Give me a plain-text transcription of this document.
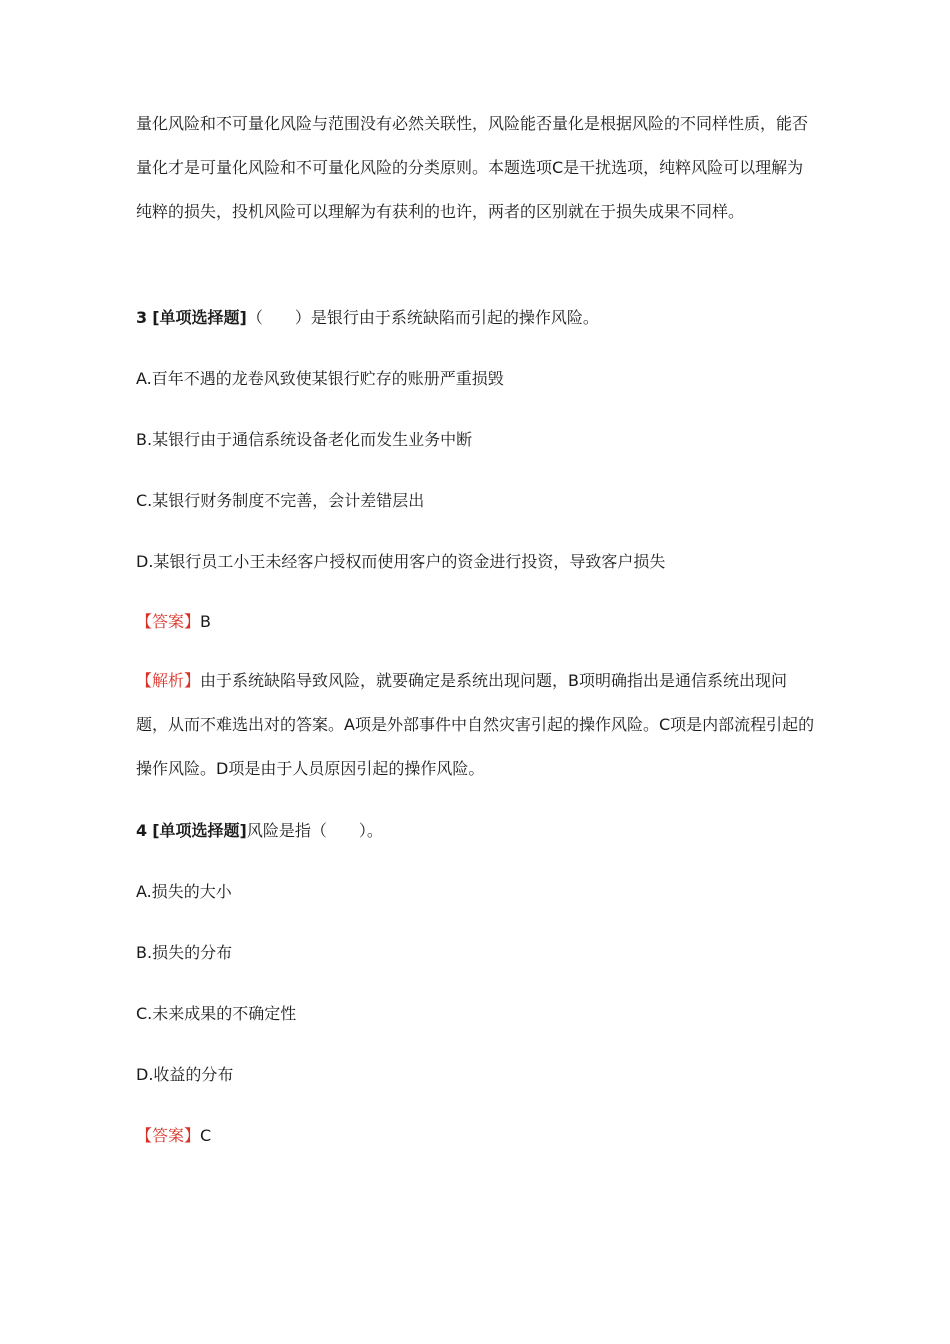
量化风险和不可量化风险与范围没有必然关联性，风险能否量化是根据风险的不同样性质，能否量化才是可量化风险和不可量化风险的分类原则。本题选项C是干扰选项，纯粹风险可以理解为纯粹的损失，投机风险可以理解为有获利的也许，两者的区别就在于损失成果不同样。

3 [单项选择题]（　　）是银行由于系统缺陷而引起的操作风险。

A.百年不遇的龙卷风致使某银行贮存的账册严重损毁

B.某银行由于通信系统设备老化而发生业务中断

C.某银行财务制度不完善，会计差错层出

D.某银行员工小王未经客户授权而使用客户的资金进行投资，导致客户损失

【答案】B

【解析】由于系统缺陷导致风险，就要确定是系统出现问题，B项明确指出是通信系统出现问题，从而不难选出对的答案。A项是外部事件中自然灾害引起的操作风险。C项是内部流程引起的操作风险。D项是由于人员原因引起的操作风险。

4 [单项选择题]风险是指（　　）。

A.损失的大小

B.损失的分布

C.未来成果的不确定性

D.收益的分布

【答案】C
